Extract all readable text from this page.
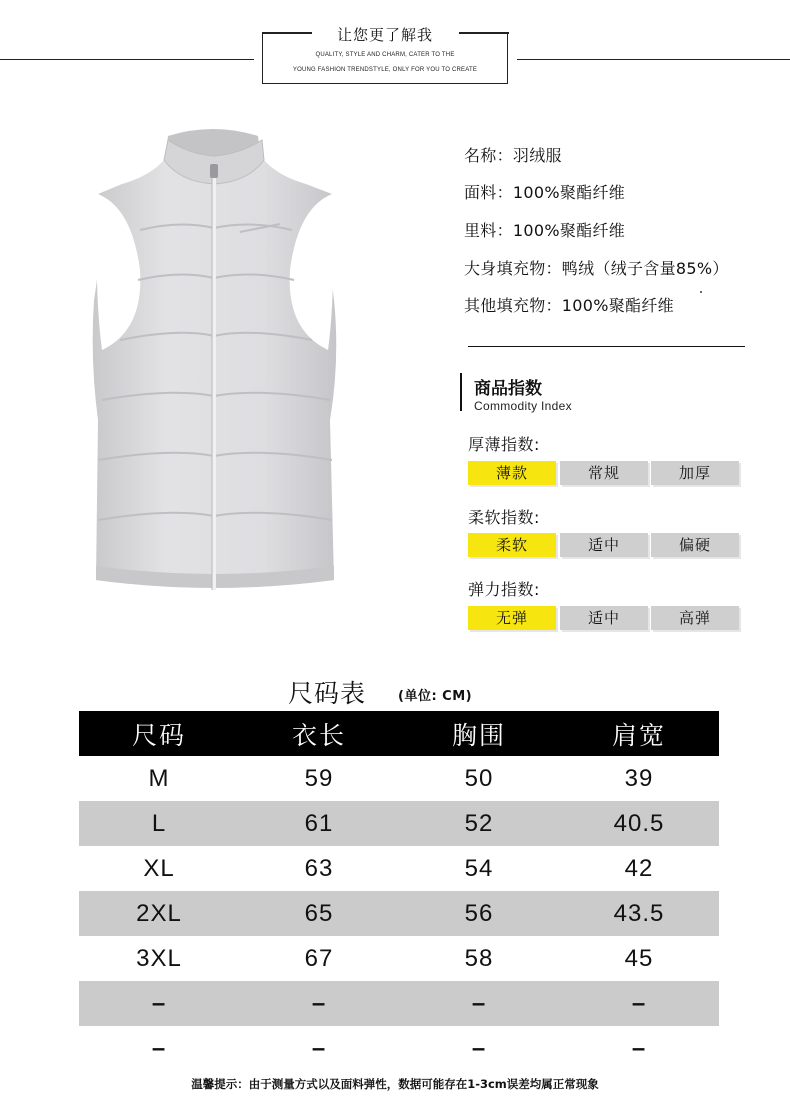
让您更了解我
QUALITY, STYLE AND CHARM, CATER TO THE
YOUNG FASHION TRENDSTYLE, ONLY FOR YOU TO CREATE
名称：羽绒服
面料：100%聚酯纤维
里料：100%聚酯纤维
大身填充物：鸭绒（绒子含量85%）
其他填充物：100%聚酯纤维
商品指数
Commodity Index
厚薄指数:
薄款	常规	加厚
柔软指数:
柔软	适中	偏硬
弹力指数:
无弹	适中	高弹
尺码表 (单位: CM)
尺码	衣长	胸围	肩宽
M	59	50	39
L	61	52	40.5
XL	63	54	42
2XL	65	56	43.5
3XL	67	58	45
–	–	–	–
–	–	–	–
温馨提示：由于测量方式以及面料弹性，数据可能存在1-3cm误差均属正常现象
